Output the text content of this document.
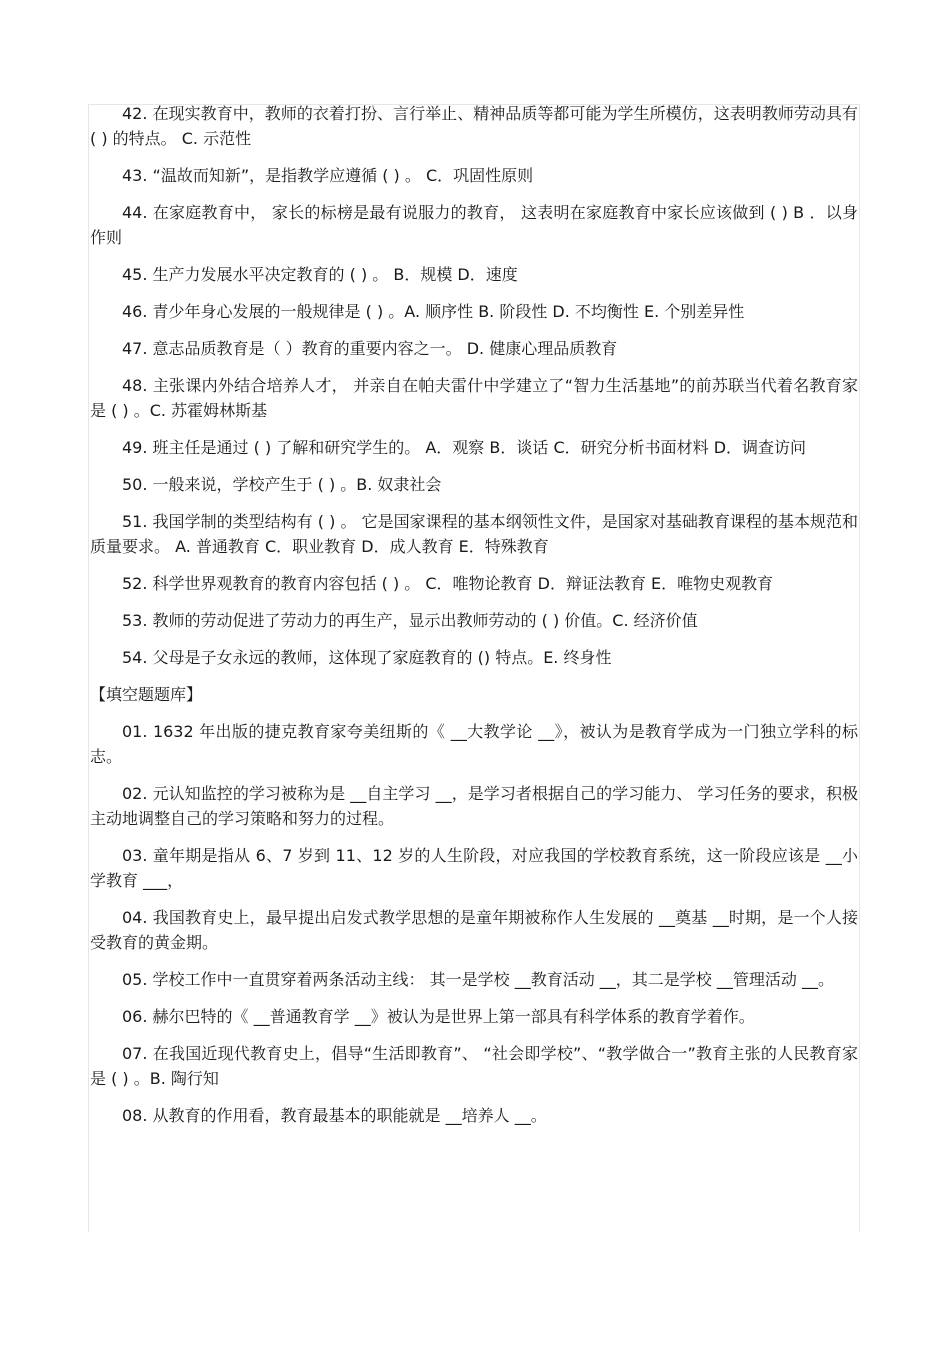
42. 在现实教育中，教师的衣着打扮、言行举止、精神品质等都可能为学生所模仿，这表明教师劳动具有 ( ) 的特点。 C. 示范性

43. “温故而知新”，是指教学应遵循 ( ) 。 C．巩固性原则

44. 在家庭教育中， 家长的标榜是最有说服力的教育， 这表明在家庭教育中家长应该做到 ( ) B ．以身作则

45. 生产力发展水平决定教育的 ( ) 。 B．规模 D．速度

46. 青少年身心发展的一般规律是 ( ) 。A. 顺序性 B. 阶段性 D. 不均衡性 E. 个别差异性

47. 意志品质教育是（ ）教育的重要内容之一。 D. 健康心理品质教育

48. 主张课内外结合培养人才， 并亲自在帕夫雷什中学建立了“智力生活基地”的前苏联当代着名教育家是 ( ) 。C. 苏霍姆林斯基

49. 班主任是通过 ( ) 了解和研究学生的。 A．观察 B．谈话 C．研究分析书面材料 D．调查访问

50. 一般来说，学校产生于 ( ) 。B. 奴隶社会

51. 我国学制的类型结构有 ( ) 。 它是国家课程的基本纲领性文件，是国家对基础教育课程的基本规范和质量要求。 A. 普通教育 C．职业教育 D．成人教育 E．特殊教育

52. 科学世界观教育的教育内容包括 ( ) 。 C．唯物论教育 D．辩证法教育 E．唯物史观教育

53. 教师的劳动促进了劳动力的再生产，显示出教师劳动的 ( ) 价值。C. 经济价值

54. 父母是子女永远的教师，这体现了家庭教育的 () 特点。E. 终身性

【填空题题库】

01. 1632 年出版的捷克教育家夸美纽斯的《 __大教学论 __》，被认为是教育学成为一门独立学科的标志。

02. 元认知监控的学习被称为是 __自主学习 __，是学习者根据自己的学习能力、 学习任务的要求，积极主动地调整自己的学习策略和努力的过程。

03. 童年期是指从 6、7 岁到 11、12 岁的人生阶段，对应我国的学校教育系统，这一阶段应该是 __小学教育 ___，

04. 我国教育史上，最早提出启发式教学思想的是童年期被称作人生发展的 __奠基 __时期，是一个人接受教育的黄金期。

05. 学校工作中一直贯穿着两条活动主线： 其一是学校 __教育活动 __，其二是学校 __管理活动 __。

06. 赫尔巴特的《 __普通教育学 __》被认为是世界上第一部具有科学体系的教育学着作。

07. 在我国近现代教育史上，倡导“生活即教育”、 “社会即学校”、“教学做合一”教育主张的人民教育家是 ( ) 。B. 陶行知

08. 从教育的作用看，教育最基本的职能就是 __培养人 __。
